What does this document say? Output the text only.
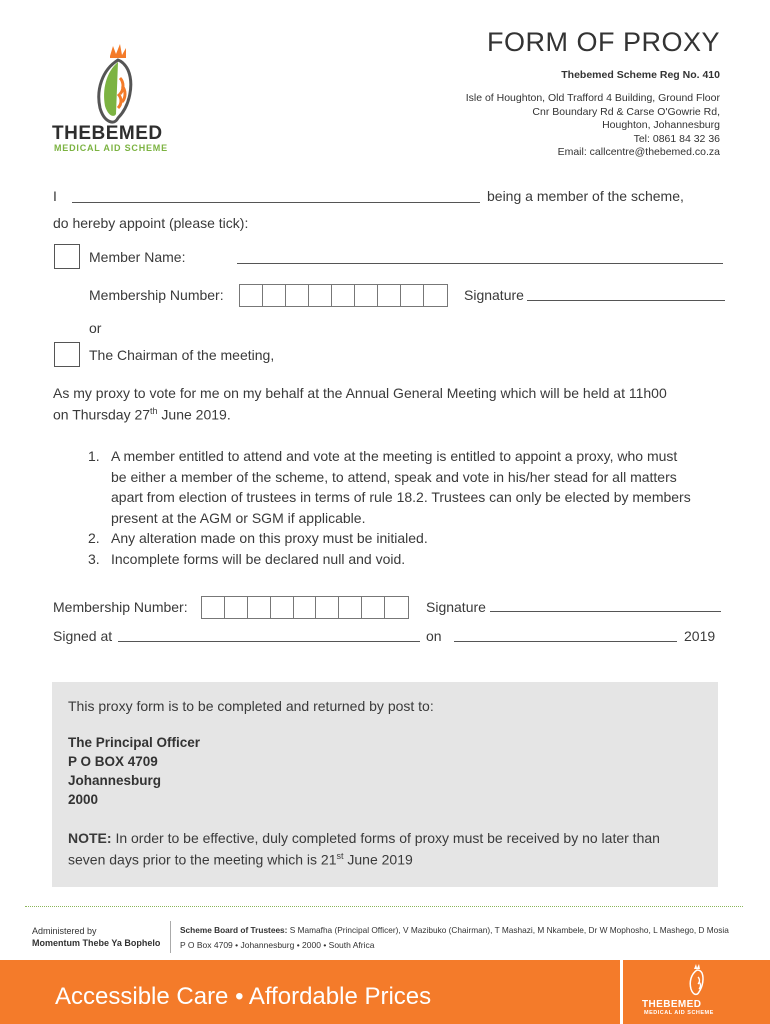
THEBEMED
MEDICAL AID SCHEME
FORM OF PROXY
Thebemed Scheme Reg No. 410
Isle of Houghton, Old Trafford 4 Building, Ground Floor
Cnr Boundary Rd & Carse O'Gowrie Rd,
Houghton, Johannesburg
Tel: 0861 84 32 36
Email: callcentre@thebemed.co.za
I	being a member of the scheme,
do hereby appoint (please tick):
Member Name:
Membership Number:	Signature
or
The Chairman of the meeting,
As my proxy to vote for me on my behalf at the Annual General Meeting which will be held at 11h00
on Thursday 27th June 2019.
1. A member entitled to attend and vote at the meeting is entitled to appoint a proxy, who must
be either a member of the scheme, to attend, speak and vote in his/her stead for all matters
apart from election of trustees in terms of rule 18.2. Trustees can only be elected by members
present at the AGM or SGM if applicable.
2. Any alteration made on this proxy must be initialed.
3. Incomplete forms will be declared null and void.
Membership Number:	Signature
Signed at	on	2019
This proxy form is to be completed and returned by post to:
The Principal Officer
P O BOX 4709
Johannesburg
2000
NOTE: In order to be effective, duly completed forms of proxy must be received by no later than
seven days prior to the meeting which is 21st June 2019
Administered by
Momentum Thebe Ya Bophelo
Scheme Board of Trustees: S Mamafha (Principal Officer), V Mazibuko (Chairman), T Mashazi, M Nkambele, Dr W Mophosho, L Mashego, D Mosia
P O Box 4709 • Johannesburg • 2000 • South Africa
Accessible Care • Affordable Prices	THEBEMED
MEDICAL AID SCHEME
